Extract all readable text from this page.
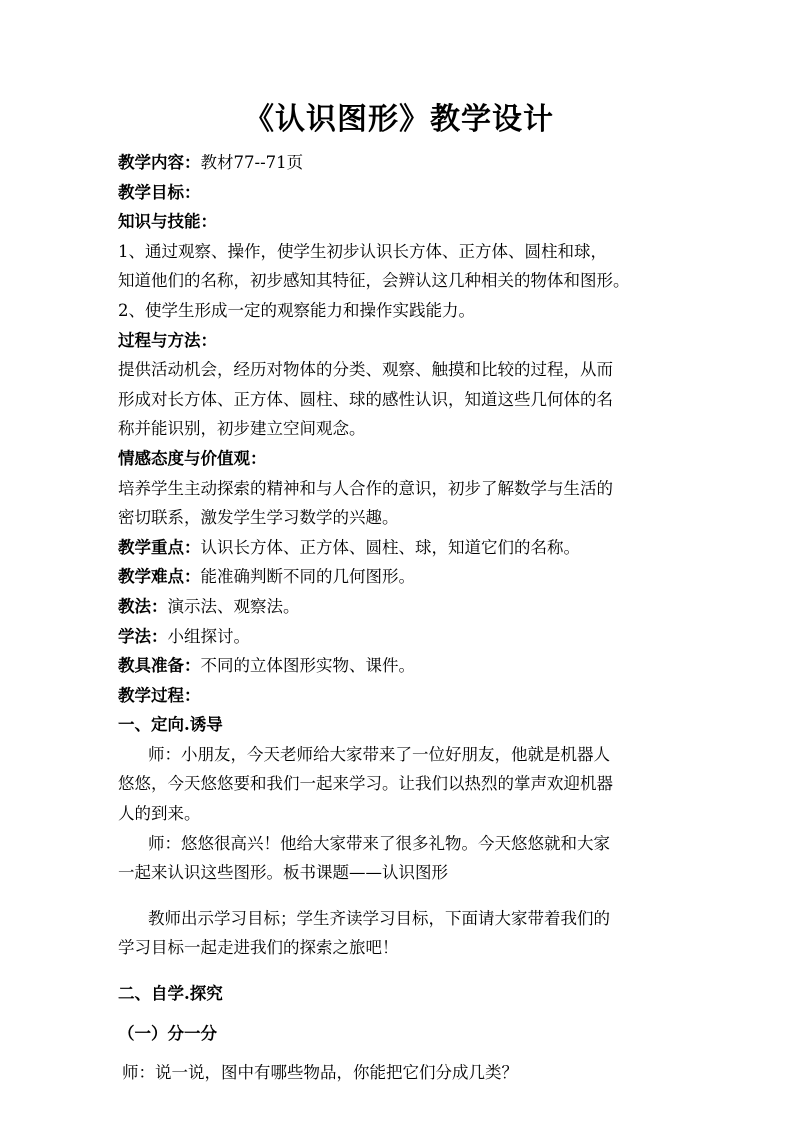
《认识图形》教学设计
教学内容：教材77--71页
教学目标：
知识与技能：
1、通过观察、操作，使学生初步认识长方体、正方体、圆柱和球，
知道他们的名称，初步感知其特征，会辨认这几种相关的物体和图形。
2、使学生形成一定的观察能力和操作实践能力。
过程与方法：
提供活动机会，经历对物体的分类、观察、触摸和比较的过程，从而
形成对长方体、正方体、圆柱、球的感性认识，知道这些几何体的名
称并能识别，初步建立空间观念。
情感态度与价值观：
培养学生主动探索的精神和与人合作的意识，初步了解数学与生活的
密切联系，激发学生学习数学的兴趣。
教学重点：认识长方体、正方体、圆柱、球，知道它们的名称。
教学难点：能准确判断不同的几何图形。
教法：演示法、观察法。
学法：小组探讨。
教具准备：不同的立体图形实物、课件。
教学过程：
一、定向.诱导
师：小朋友，今天老师给大家带来了一位好朋友，他就是机器人
悠悠，今天悠悠要和我们一起来学习。让我们以热烈的掌声欢迎机器
人的到来。
师：悠悠很高兴！他给大家带来了很多礼物。今天悠悠就和大家
一起来认识这些图形。板书课题——认识图形
教师出示学习目标；学生齐读学习目标，下面请大家带着我们的
学习目标一起走进我们的探索之旅吧！
二、自学.探究
（一）分一分
师：说一说，图中有哪些物品，你能把它们分成几类？
